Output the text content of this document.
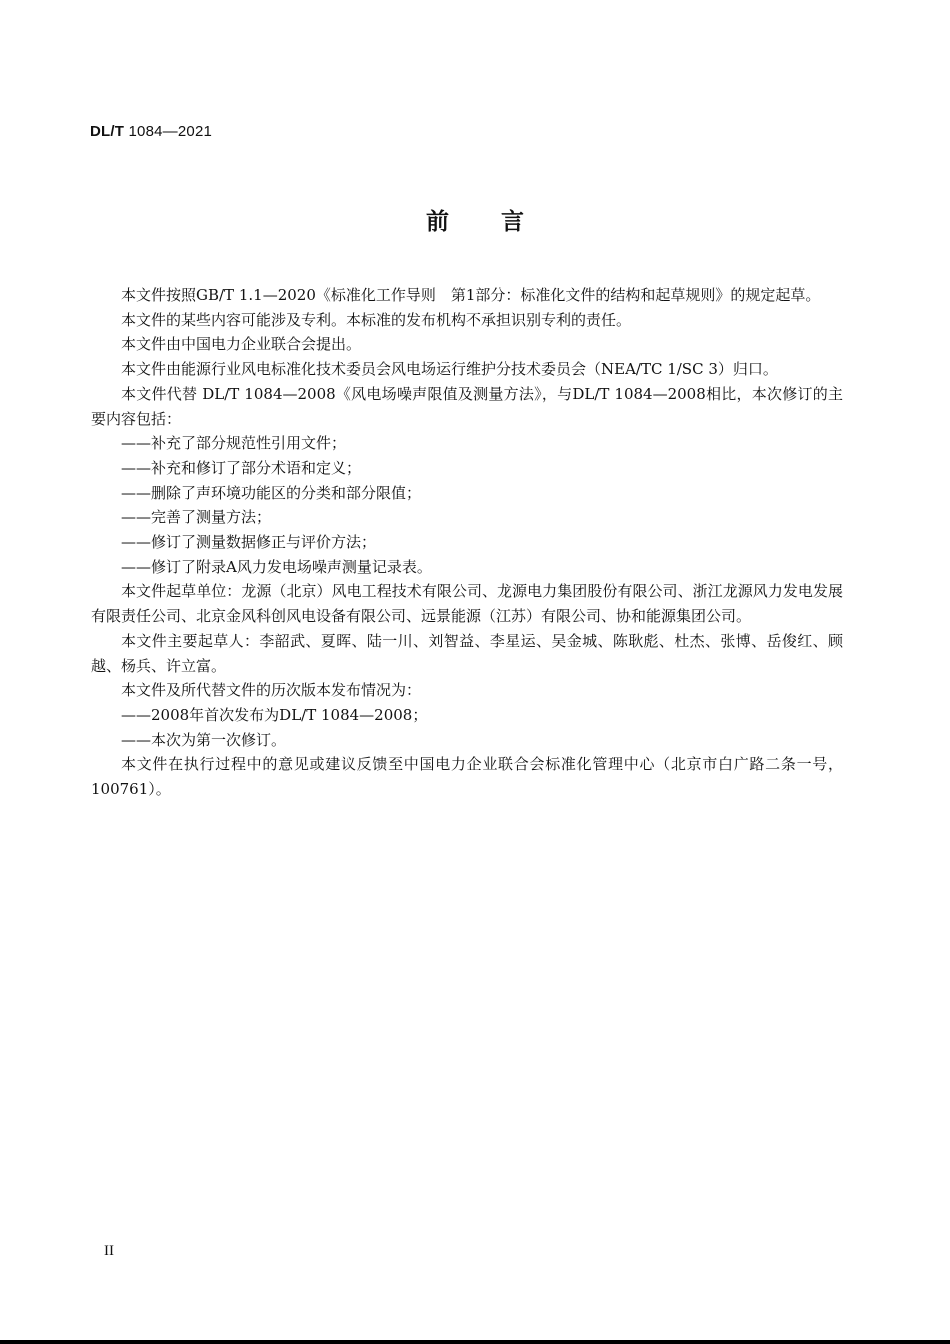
DL/T 1084—2021
前言

本文件按照GB/T 1.1—2020《标准化工作导则　第1部分：标准化文件的结构和起草规则》的规定起草。

本文件的某些内容可能涉及专利。本标准的发布机构不承担识别专利的责任。

本文件由中国电力企业联合会提出。

本文件由能源行业风电标准化技术委员会风电场运行维护分技术委员会（NEA/TC 1/SC 3）归口。

本文件代替 DL/T 1084—2008《风电场噪声限值及测量方法》，与DL/T 1084—2008相比，本次修订的主要内容包括：

——补充了部分规范性引用文件；

——补充和修订了部分术语和定义；

——删除了声环境功能区的分类和部分限值；

——完善了测量方法；

——修订了测量数据修正与评价方法；

——修订了附录A风力发电场噪声测量记录表。

本文件起草单位：龙源（北京）风电工程技术有限公司、龙源电力集团股份有限公司、浙江龙源风力发电发展有限责任公司、北京金风科创风电设备有限公司、远景能源（江苏）有限公司、协和能源集团公司。

本文件主要起草人：李韶武、夏晖、陆一川、刘智益、李星运、吴金城、陈耿彪、杜杰、张博、岳俊红、顾越、杨兵、许立富。

本文件及所代替文件的历次版本发布情况为：

——2008年首次发布为DL/T 1084—2008；

——本次为第一次修订。

本文件在执行过程中的意见或建议反馈至中国电力企业联合会标准化管理中心（北京市白广路二条一号，100761）。

II
